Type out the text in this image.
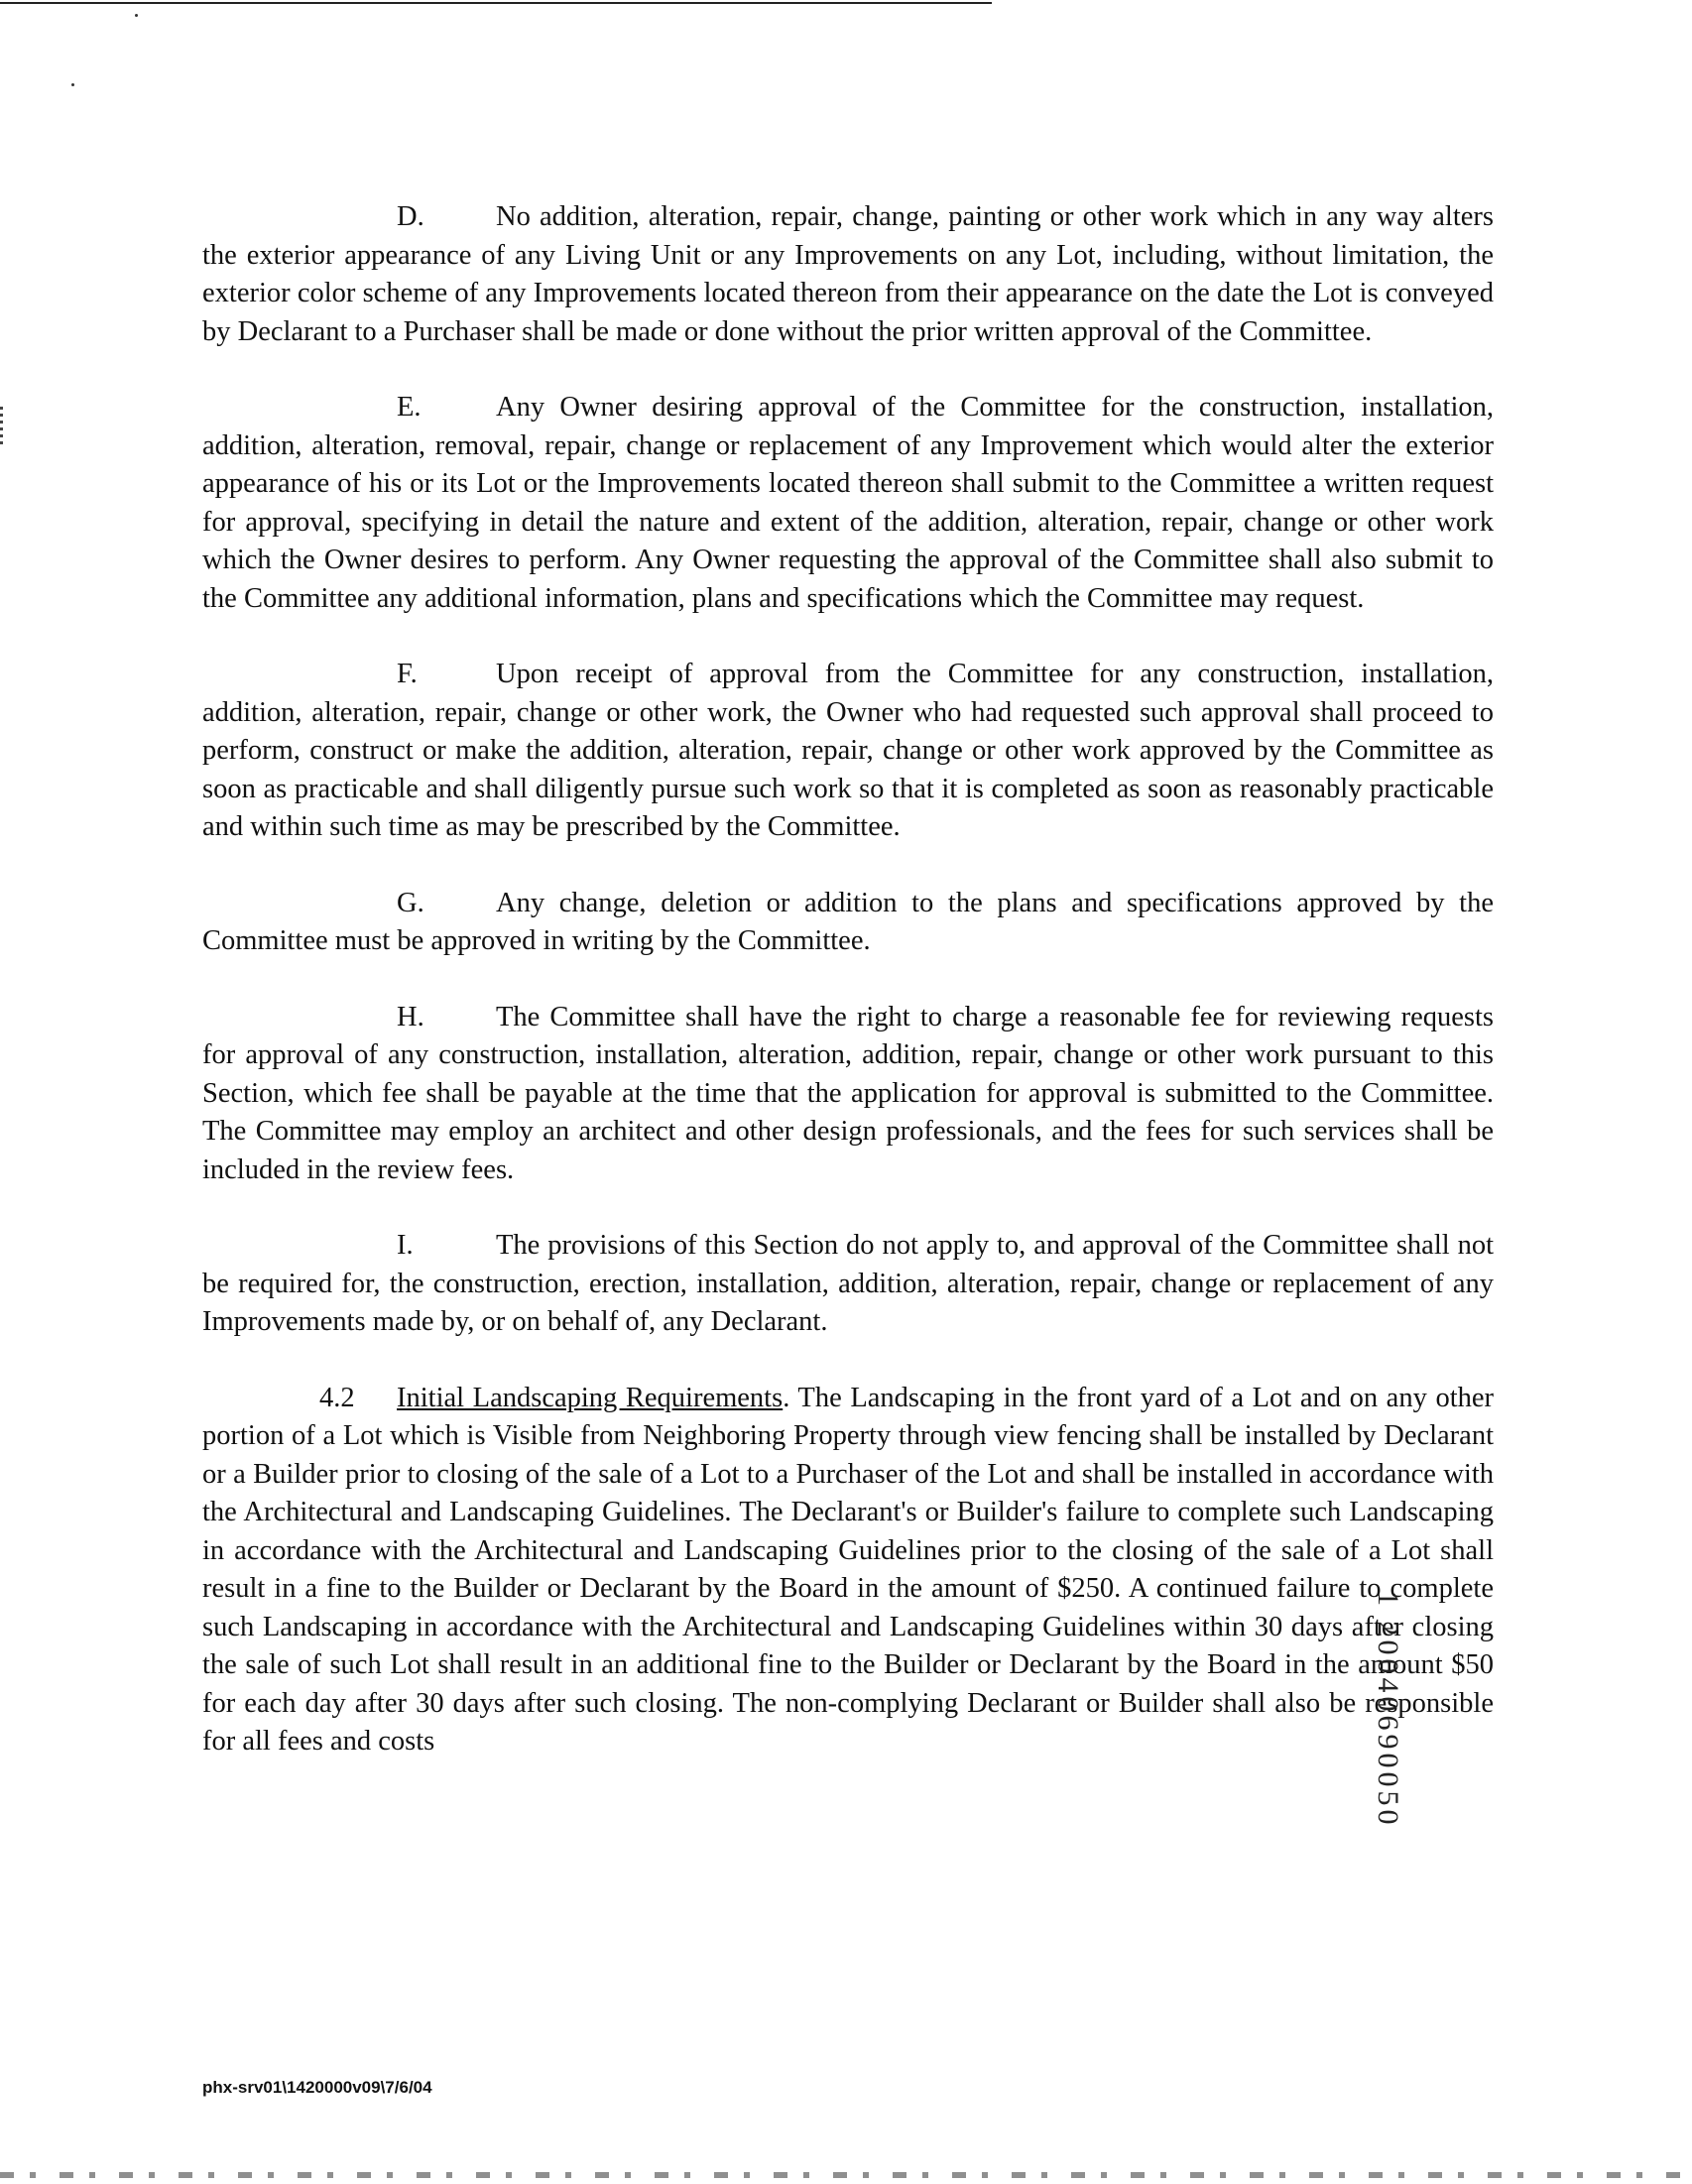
D.	No addition, alteration, repair, change, painting or other work which in any way alters the exterior appearance of any Living Unit or any Improvements on any Lot, including, without limitation, the exterior color scheme of any Improvements located thereon from their appearance on the date the Lot is conveyed by Declarant to a Purchaser shall be made or done without the prior written approval of the Committee.

E.	Any Owner desiring approval of the Committee for the construction, installation, addition, alteration, removal, repair, change or replacement of any Improvement which would alter the exterior appearance of his or its Lot or the Improvements located thereon shall submit to the Committee a written request for approval, specifying in detail the nature and extent of the addition, alteration, repair, change or other work which the Owner desires to perform. Any Owner requesting the approval of the Committee shall also submit to the Committee any additional information, plans and specifications which the Committee may request.

F.	Upon receipt of approval from the Committee for any construction, installation, addition, alteration, repair, change or other work, the Owner who had requested such approval shall proceed to perform, construct or make the addition, alteration, repair, change or other work approved by the Committee as soon as practicable and shall diligently pursue such work so that it is completed as soon as reasonably practicable and within such time as may be prescribed by the Committee.

G.	Any change, deletion or addition to the plans and specifications approved by the Committee must be approved in writing by the Committee.

H.	The Committee shall have the right to charge a reasonable fee for reviewing requests for approval of any construction, installation, alteration, addition, repair, change or other work pursuant to this Section, which fee shall be payable at the time that the application for approval is submitted to the Committee. The Committee may employ an architect and other design professionals, and the fees for such services shall be included in the review fees.

I.	The provisions of this Section do not apply to, and approval of the Committee shall not be required for, the construction, erection, installation, addition, alteration, repair, change or replacement of any Improvements made by, or on behalf of, any Declarant.

4.2 Initial Landscaping Requirements. The Landscaping in the front yard of a Lot and on any other portion of a Lot which is Visible from Neighboring Property through view fencing shall be installed by Declarant or a Builder prior to closing of the sale of a Lot to a Purchaser of the Lot and shall be installed in accordance with the Architectural and Landscaping Guidelines. The Declarant's or Builder's failure to complete such Landscaping in accordance with the Architectural and Landscaping Guidelines prior to the closing of the sale of a Lot shall result in a fine to the Builder or Declarant by the Board in the amount of $250. A continued failure to complete such Landscaping in accordance with the Architectural and Landscaping Guidelines within 30 days after closing the sale of such Lot shall result in an additional fine to the Builder or Declarant by the Board in the amount $50 for each day after 30 days after such closing. The non-complying Declarant or Builder shall also be responsible for all fees and costs	1 20040690050
phx-srv01\1420000v09\7/6/04
